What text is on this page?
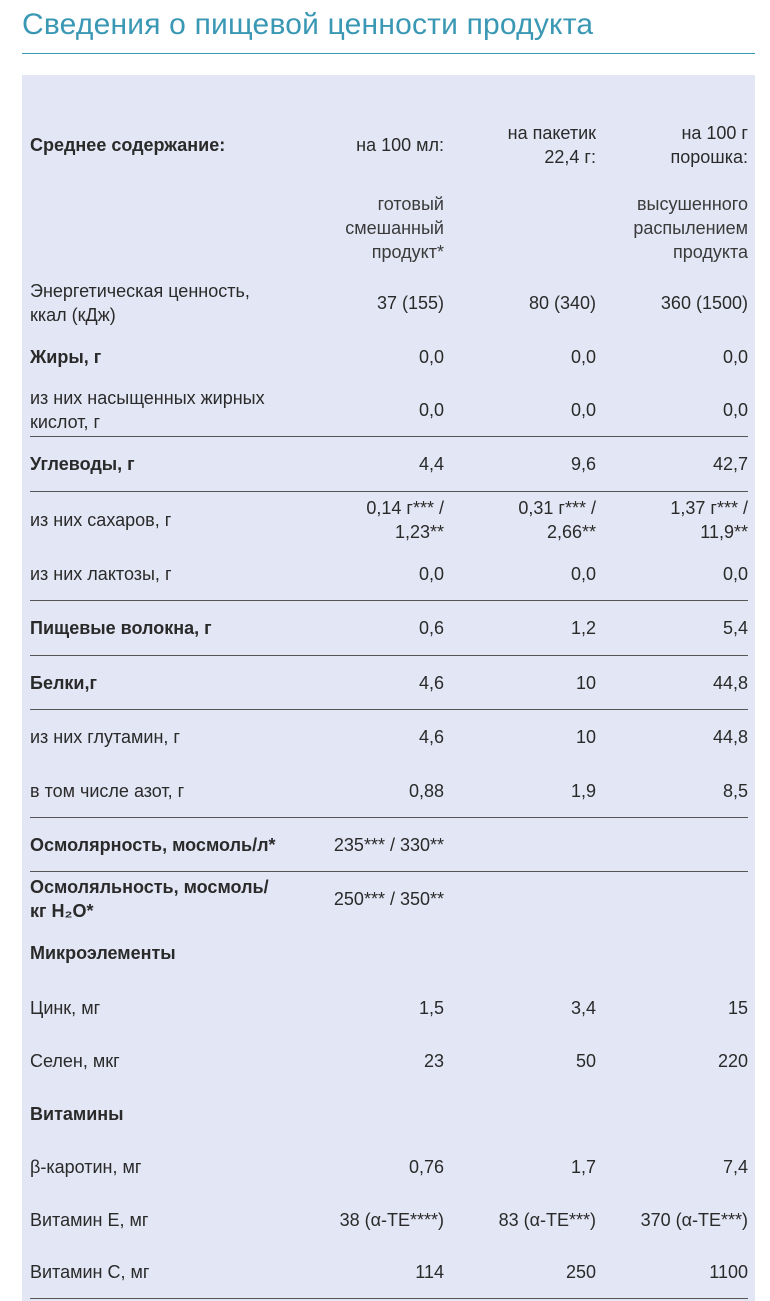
Сведения о пищевой ценности продукта
Среднее содержание:	на 100 мл:	на пакетик 22,4 г:	на 100 г порошка:
	готовый смешанный продукт*		высушенного распылением продукта
Энергетическая ценность, ккал (кДж)	37 (155)	80 (340)	360 (1500)
Жиры, г	0,0	0,0	0,0
из них насыщенных жирных кислот, г	0,0	0,0	0,0
Углеводы, г	4,4	9,6	42,7
из них сахаров, г	0,14 г*** / 1,23**	0,31 г*** / 2,66**	1,37 г*** / 11,9**
из них лактозы, г	0,0	0,0	0,0
Пищевые волокна, г	0,6	1,2	5,4
Белки,г	4,6	10	44,8
из них глутамин, г	4,6	10	44,8
в том числе азот, г	0,88	1,9	8,5
Осмолярность, мосмоль/л*	235*** / 330**		
Осмоляльность, мосмоль/кг H₂O*	250*** / 350**		
Микроэлементы			
Цинк, мг	1,5	3,4	15
Селен, мкг	23	50	220
Витамины			
β-каротин, мг	0,76	1,7	7,4
Витамин Е, мг	38 (α-ТЕ****)	83 (α-ТЕ***)	370 (α-ТЕ***)
Витамин С, мг	114	250	1100
